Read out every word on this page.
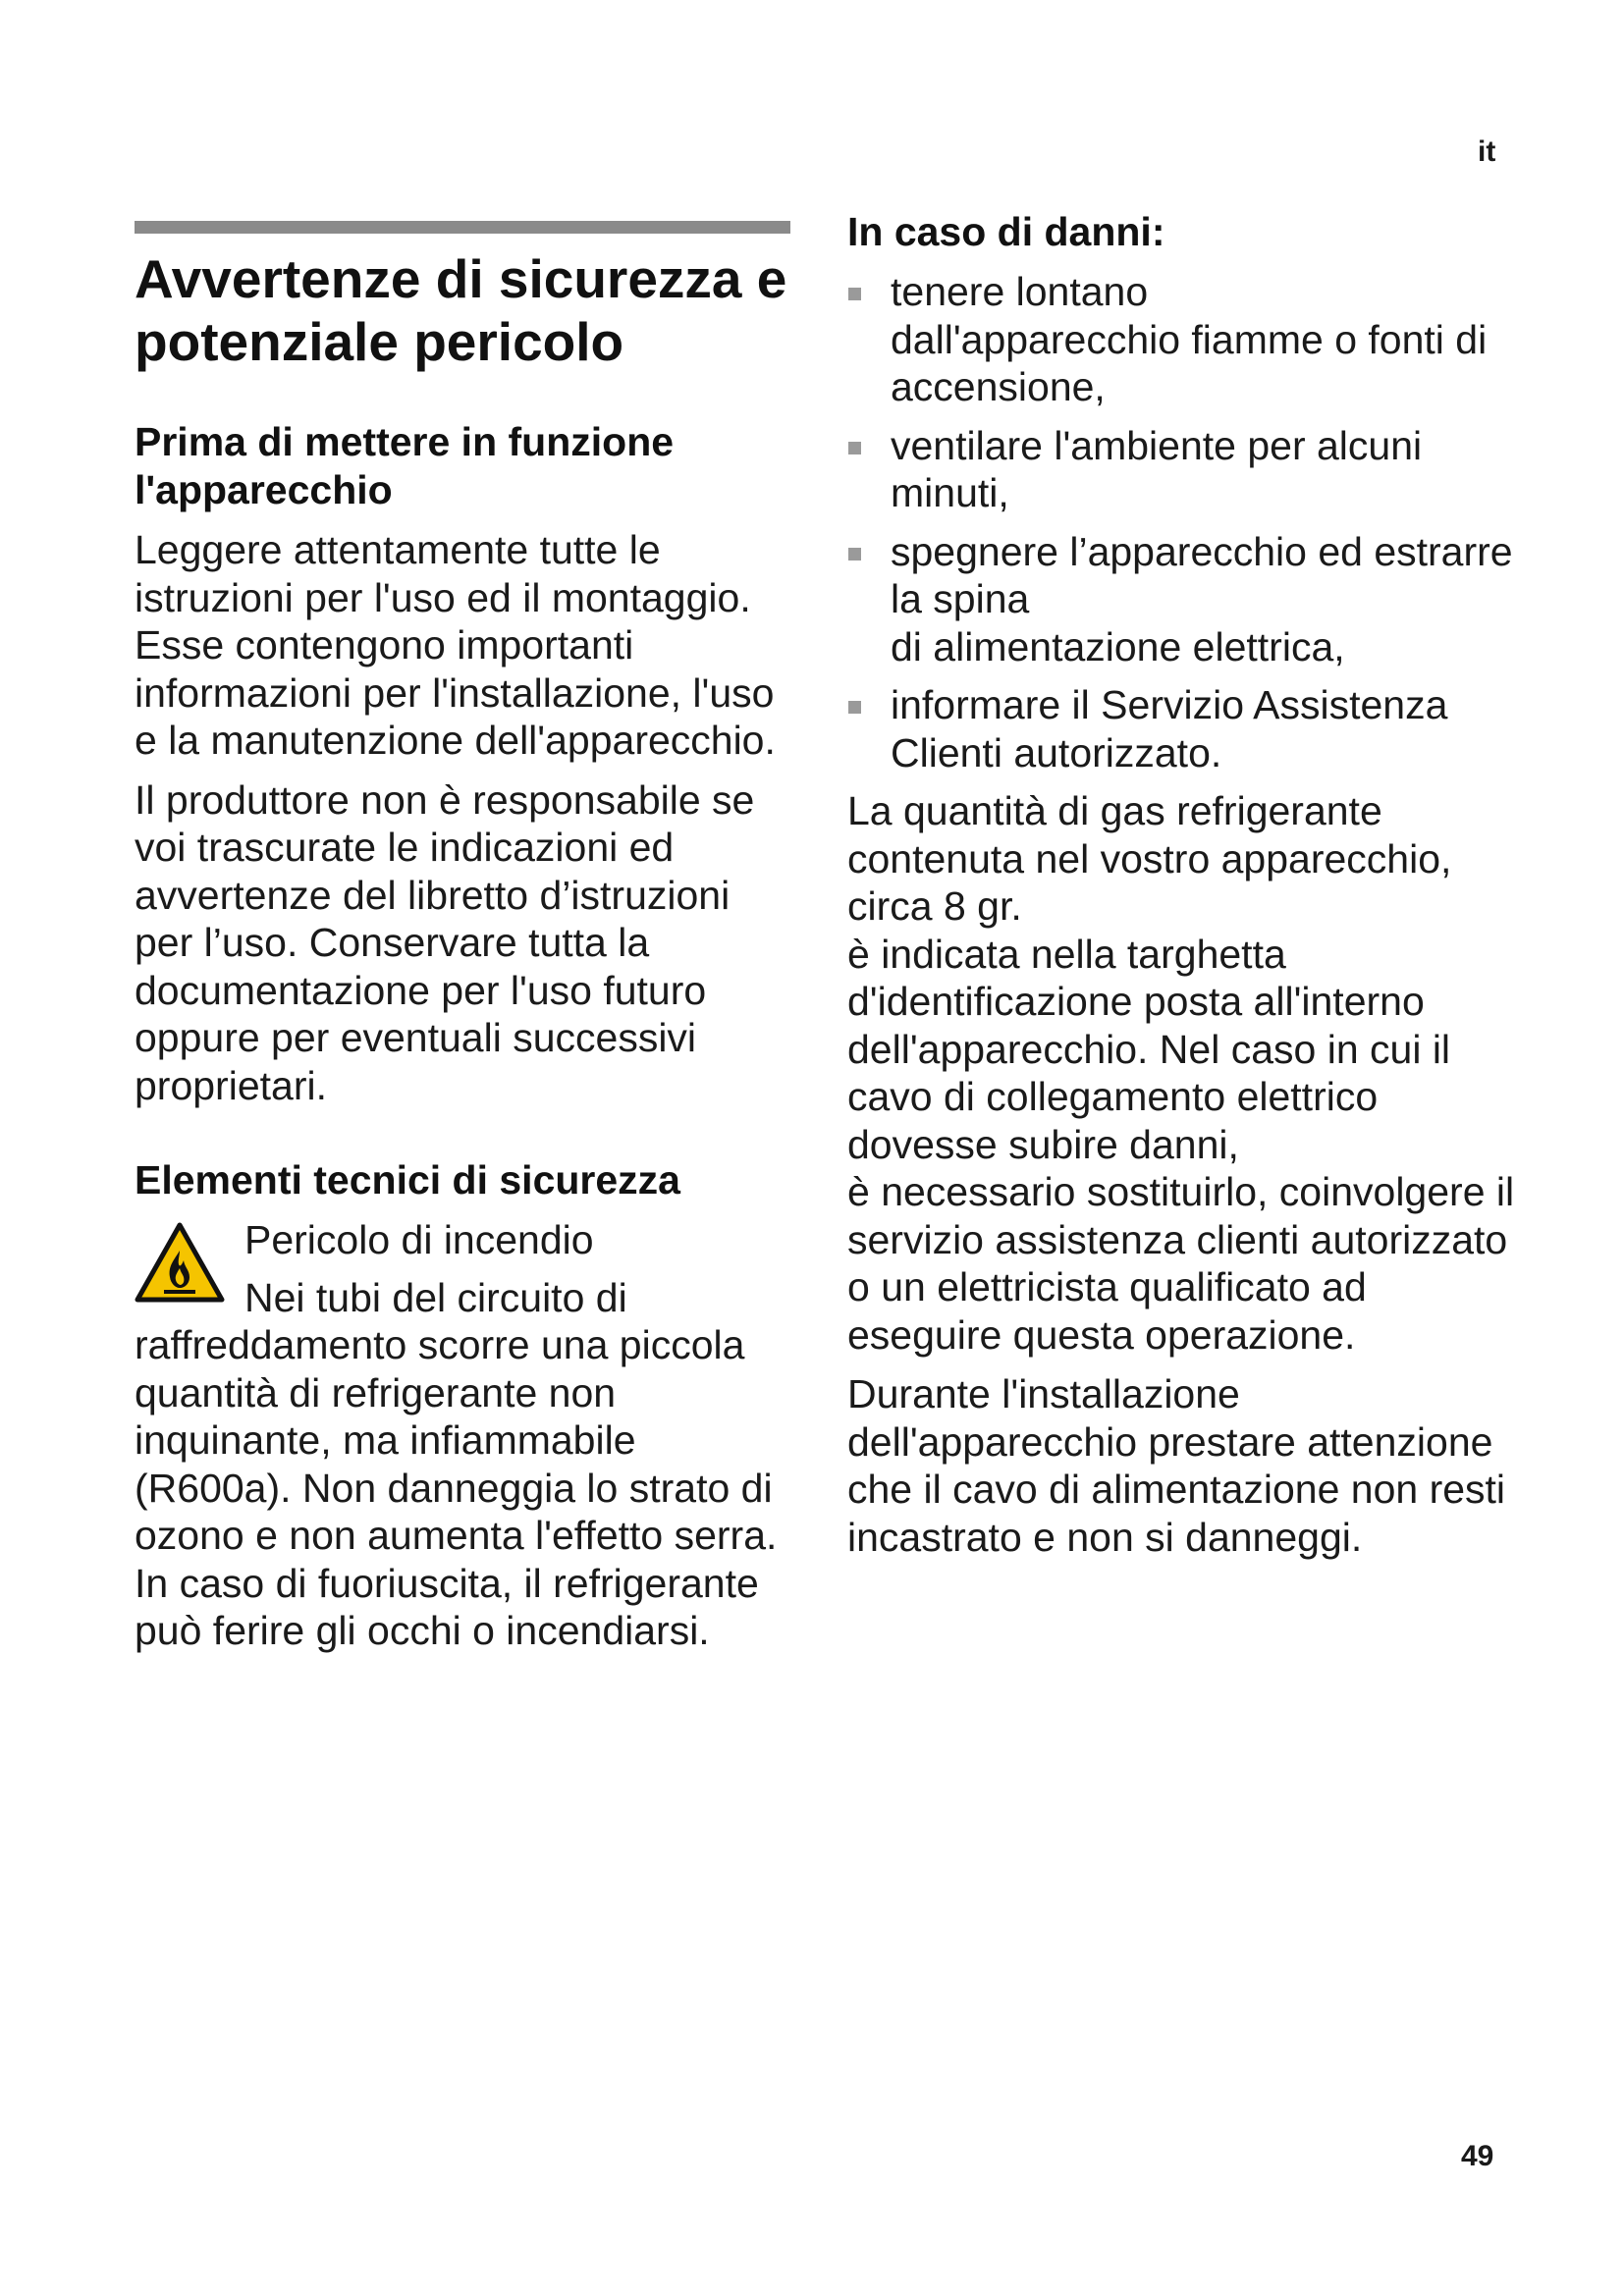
it
Avvertenze di sicurezza e potenziale pericolo
Prima di mettere in funzione l'apparecchio

Leggere attentamente tutte le istruzioni per l'uso ed il montaggio. Esse contengono importanti informazioni per l'installazione, l'uso e la manutenzione dell'apparecchio.

Il produttore non è responsabile se voi trascurate le indicazioni ed avvertenze del libretto d’istruzioni per l’uso. Conservare tutta la documentazione per l'uso futuro oppure per eventuali successivi proprietari.

Elementi tecnici di sicurezza
Pericolo di incendio

Nei tubi del circuito di raffreddamento scorre una piccola quantità di refrigerante non inquinante, ma infiammabile (R600a). Non danneggia lo strato di ozono e non aumenta l'effetto serra. In caso di fuoriuscita, il refrigerante può ferire gli occhi o incendiarsi.

In caso di danni:
tenere lontano
dall'apparecchio fiamme o fonti di accensione,
ventilare l'ambiente per alcuni minuti,
spegnere l’apparecchio ed estrarre la spina
di alimentazione elettrica,
informare il Servizio Assistenza Clienti autorizzato.

La quantità di gas refrigerante contenuta nel vostro apparecchio, circa 8 gr.
è indicata nella targhetta d'identificazione posta all'interno dell'apparecchio. Nel caso in cui il cavo di collegamento elettrico dovesse subire danni,
è necessario sostituirlo, coinvolgere il servizio assistenza clienti autorizzato o un elettricista qualificato ad eseguire questa operazione.

Durante l'installazione dell'apparecchio prestare attenzione che il cavo di alimentazione non resti incastrato e non si danneggi.

49
